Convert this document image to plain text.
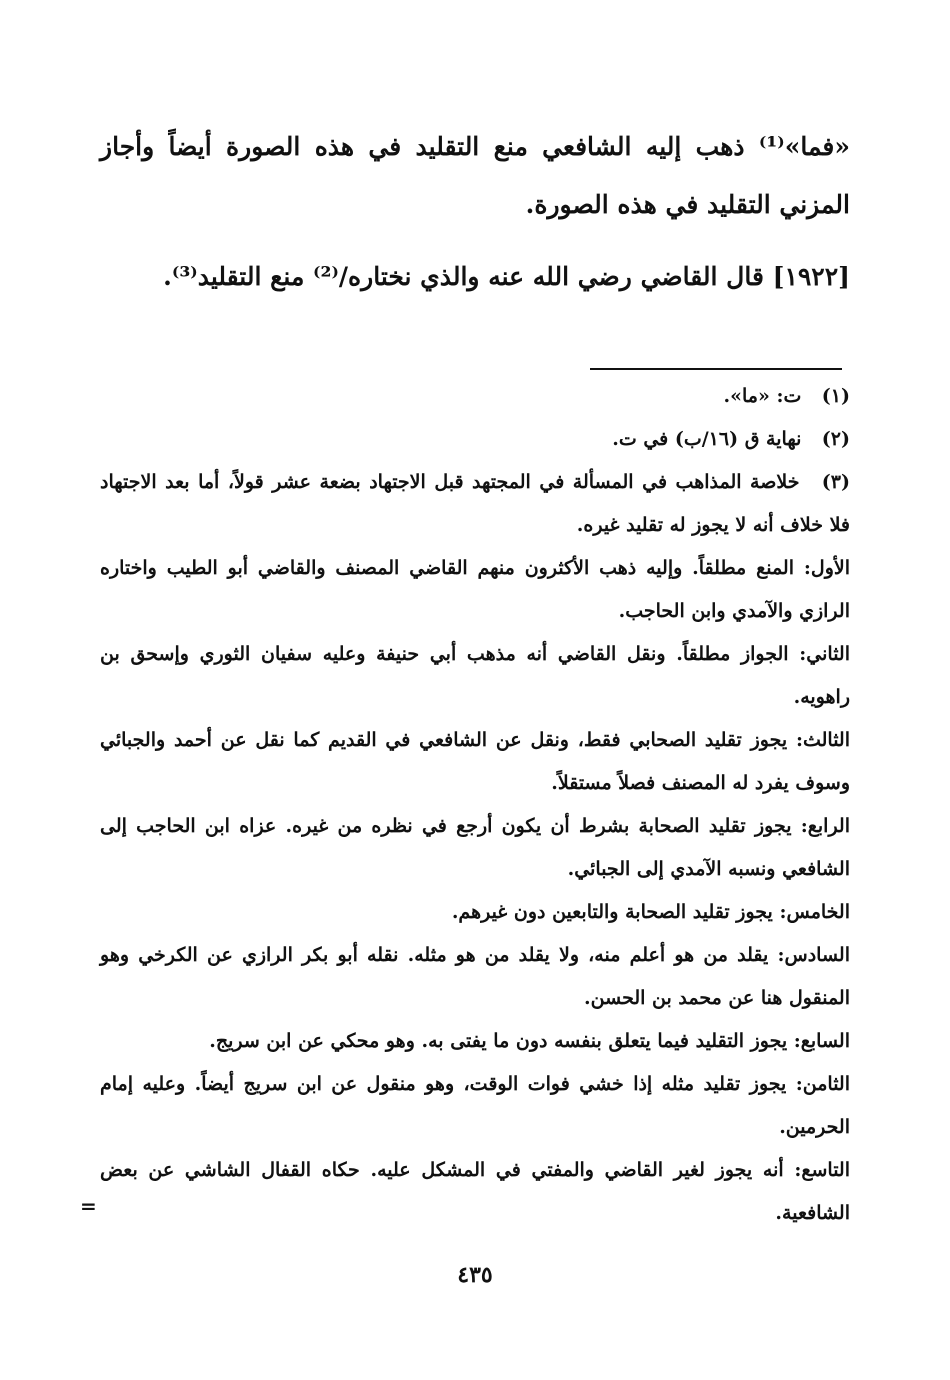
«فما»⁽¹⁾ ذهب إليه الشافعي منع التقليد في هذه الصورة أيضاً وأجاز المزني التقليد في هذه الصورة.

[١٩٢٢] قال القاضي رضي الله عنه والذي نختاره/⁽²⁾ منع التقليد⁽³⁾.

(١) ت: «ما».

(٢) نهاية ق (١٦/ب) في ت.

(٣) خلاصة المذاهب في المسألة في المجتهد قبل الاجتهاد بضعة عشر قولاً، أما بعد الاجتهاد فلا خلاف أنه لا يجوز له تقليد غيره.

الأول: المنع مطلقاً. وإليه ذهب الأكثرون منهم القاضي المصنف والقاضي أبو الطيب واختاره الرازي والآمدي وابن الحاجب.

الثاني: الجواز مطلقاً. ونقل القاضي أنه مذهب أبي حنيفة وعليه سفيان الثوري وإسحق بن راهويه.

الثالث: يجوز تقليد الصحابي فقط، ونقل عن الشافعي في القديم كما نقل عن أحمد والجبائي وسوف يفرد له المصنف فصلاً مستقلاً.

الرابع: يجوز تقليد الصحابة بشرط أن يكون أرجع في نظره من غيره. عزاه ابن الحاجب إلى الشافعي ونسبه الآمدي إلى الجبائي.

الخامس: يجوز تقليد الصحابة والتابعين دون غيرهم.

السادس: يقلد من هو أعلم منه، ولا يقلد من هو مثله. نقله أبو بكر الرازي عن الكرخي وهو المنقول هنا عن محمد بن الحسن.

السابع: يجوز التقليد فيما يتعلق بنفسه دون ما يفتى به. وهو محكي عن ابن سريج.

الثامن: يجوز تقليد مثله إذا خشي فوات الوقت، وهو منقول عن ابن سريج أيضاً. وعليه إمام الحرمين.

التاسع: أنه يجوز لغير القاضي والمفتي في المشكل عليه. حكاه القفال الشاشي عن بعض الشافعية.

=
٤٣٥
